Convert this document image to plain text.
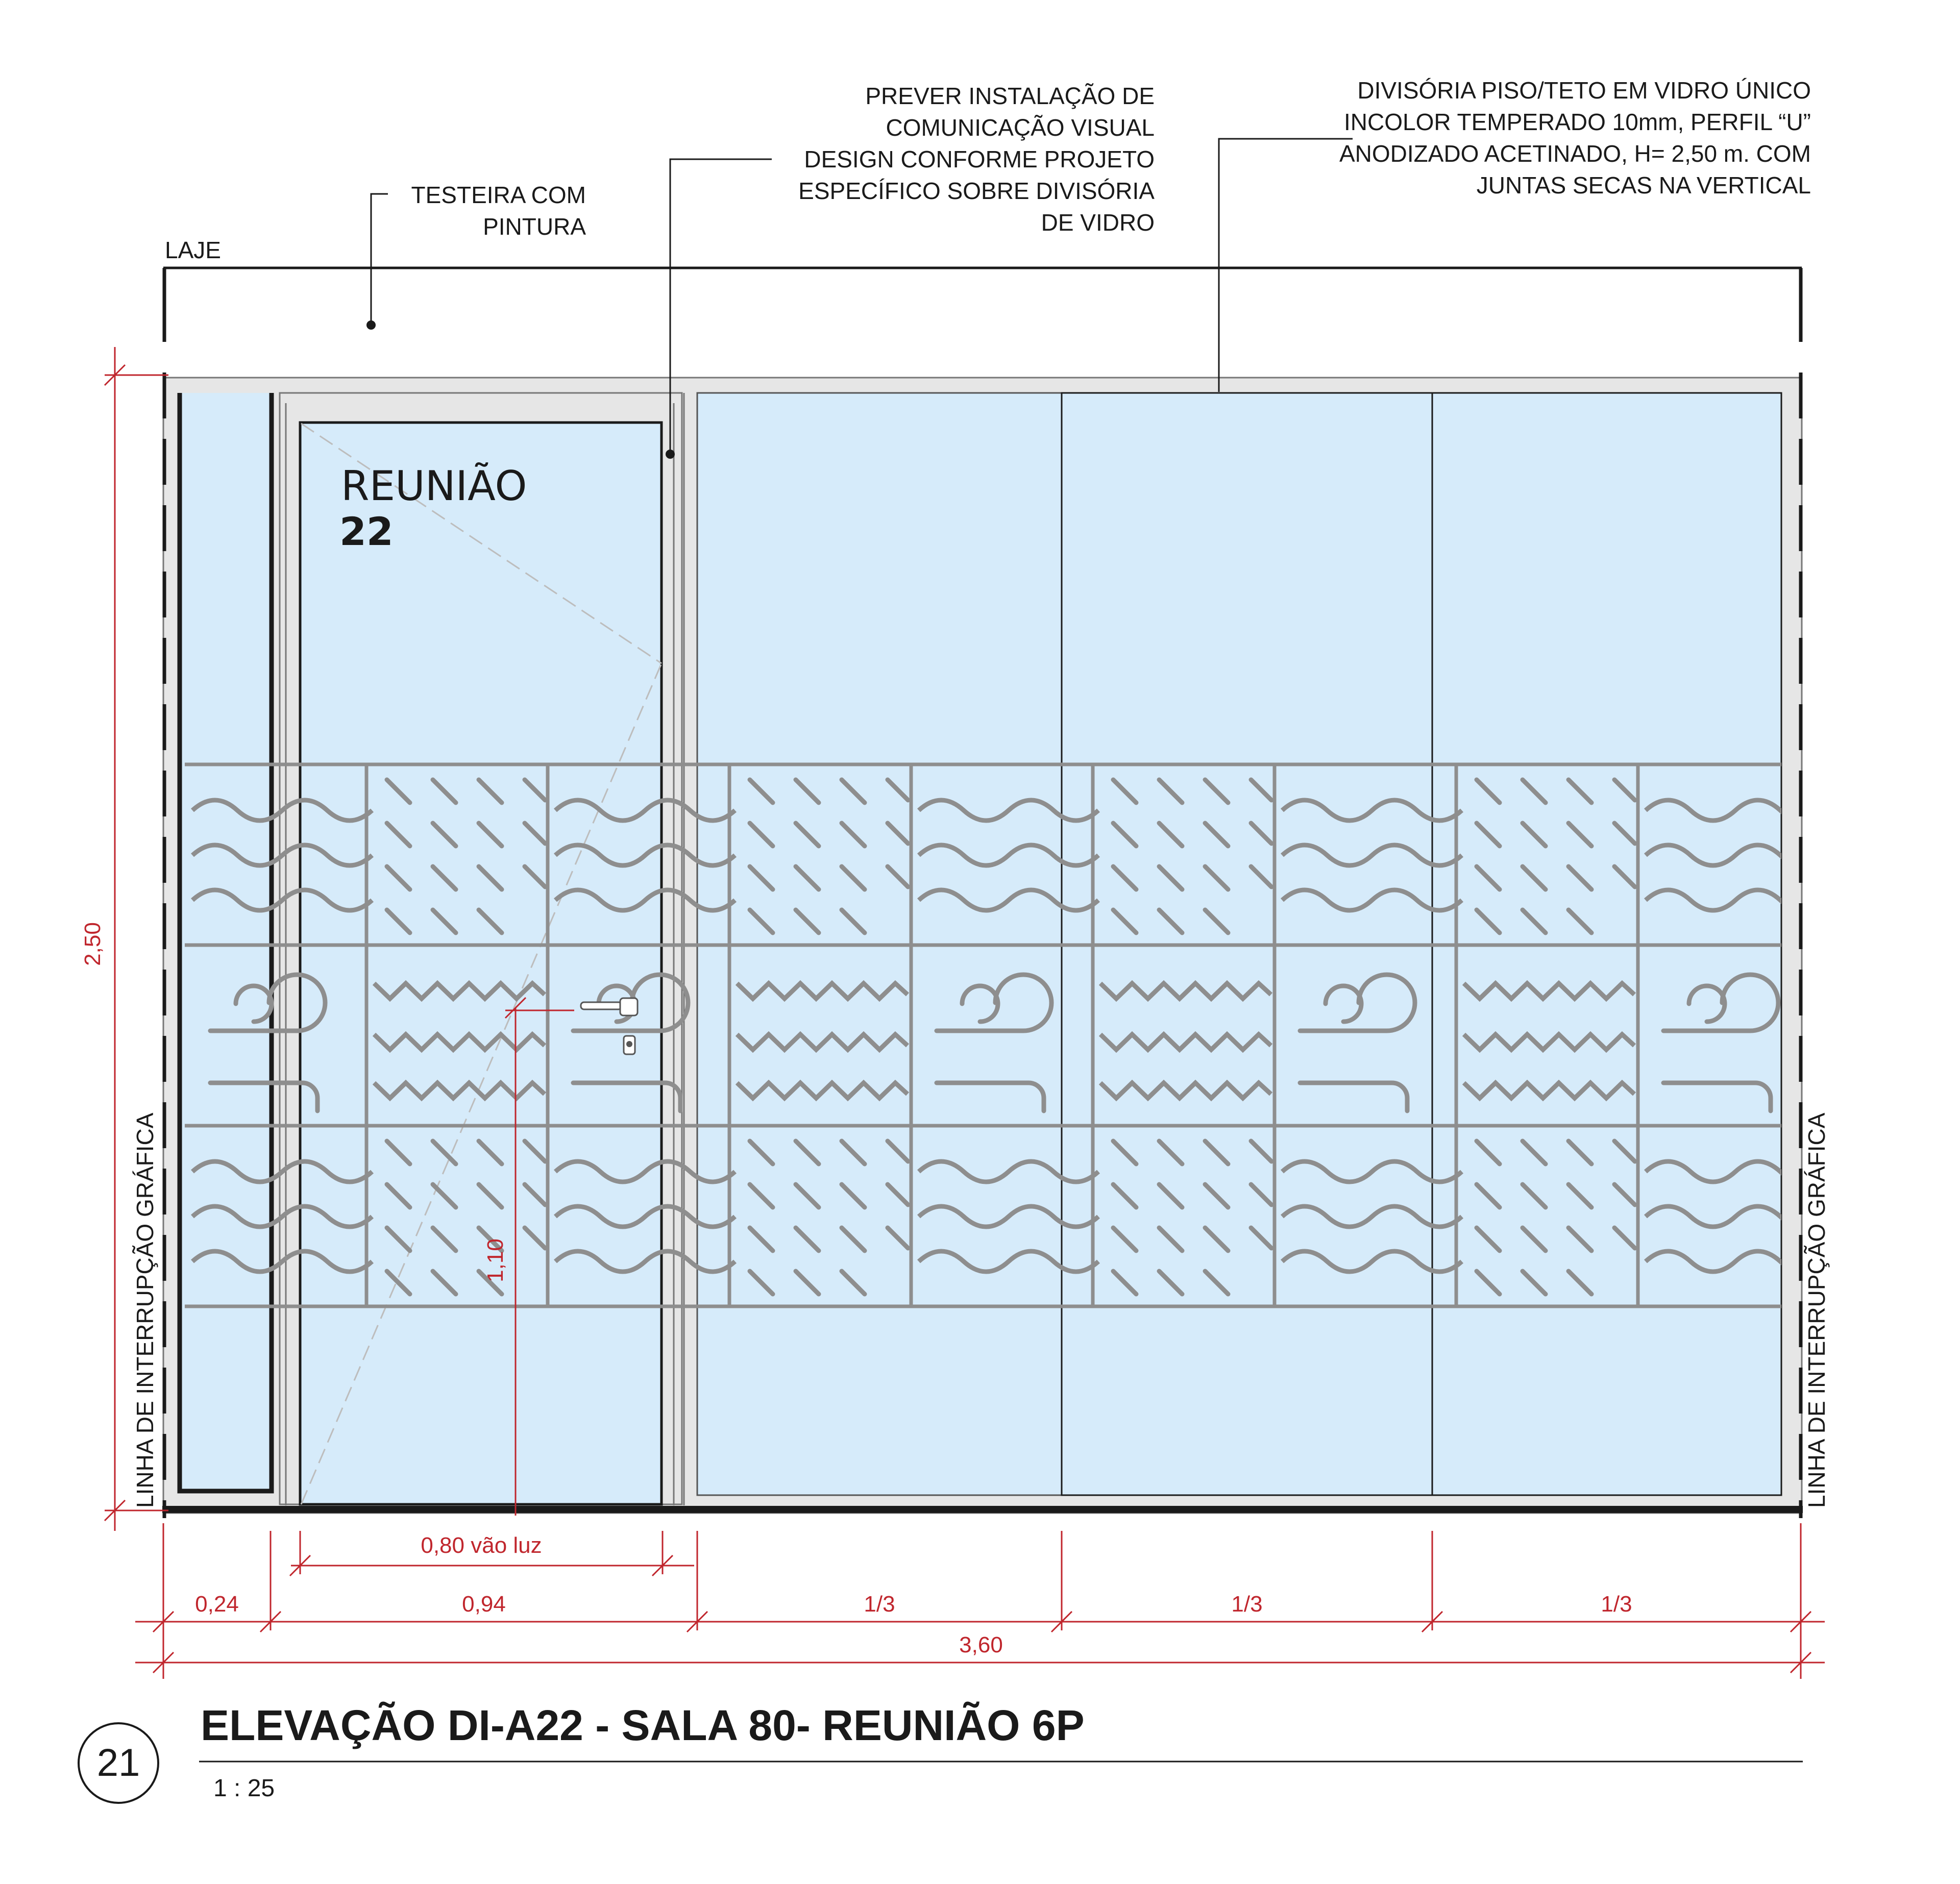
REUNIÃO
22
LAJE
TESTEIRA COM
PINTURA
PREVER INSTALAÇÃO DE
COMUNICAÇÃO VISUAL
DESIGN CONFORME PROJETO
ESPECÍFICO SOBRE DIVISÓRIA
DE VIDRO
DIVISÓRIA PISO/TETO EM VIDRO ÚNICO
INCOLOR TEMPERADO 10mm, PERFIL “U”
ANODIZADO ACETINADO, H= 2,50 m. COM
JUNTAS SECAS NA VERTICAL
LINHA DE INTERRUPÇÃO GRÁFICA	LINHA DE INTERRUPÇÃO GRÁFICA
2,50
1,10
0,80 vão luz
0,24	0,94	1/3	1/3	1/3
3,60
21
ELEVAÇÃO DI-A22 - SALA 80- REUNIÃO 6P
1 : 25
